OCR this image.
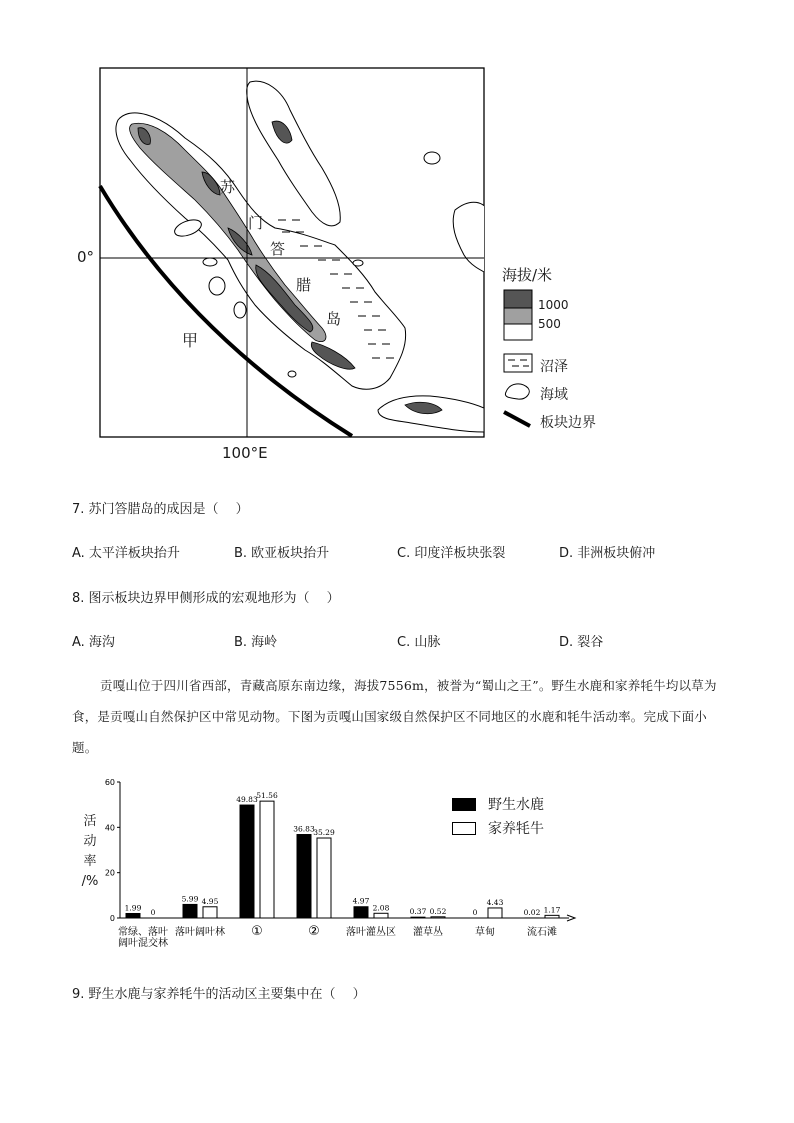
0°
100°E
甲
苏
门
答
腊
岛
海拔/米
1000
500
沼泽
海域
板块边界
7. 苏门答腊岛的成因是（　 ）
A. 太平洋板块抬升	B. 欧亚板块抬升	C. 印度洋板块张裂	D. 非洲板块俯冲
8. 图示板块边界甲侧形成的宏观地形为（　 ）
A. 海沟	B. 海岭	C. 山脉	D. 裂谷
贡嘎山位于四川省西部，青藏高原东南边缘，海拔7556m，被誉为“蜀山之王”。野生水鹿和家养牦牛均以草为食，是贡嘎山自然保护区中常见动物。下图为贡嘎山国家级自然保护区不同地区的水鹿和牦牛活动率。完成下面小题。
0
20
40
60
1.99
0
常绿、落叶
阔叶混交林
5.99 4.95
落叶阔叶林
49.83
51.56
①
36.83
35.29
②
4.97
2.08
落叶灌丛区
0.37 0.52
灌草丛
0
4.43
草甸
0.02 1.17
流石滩
活
动
率
/%
野生水鹿
家养牦牛
9. 野生水鹿与家养牦牛的活动区主要集中在（　 ）
